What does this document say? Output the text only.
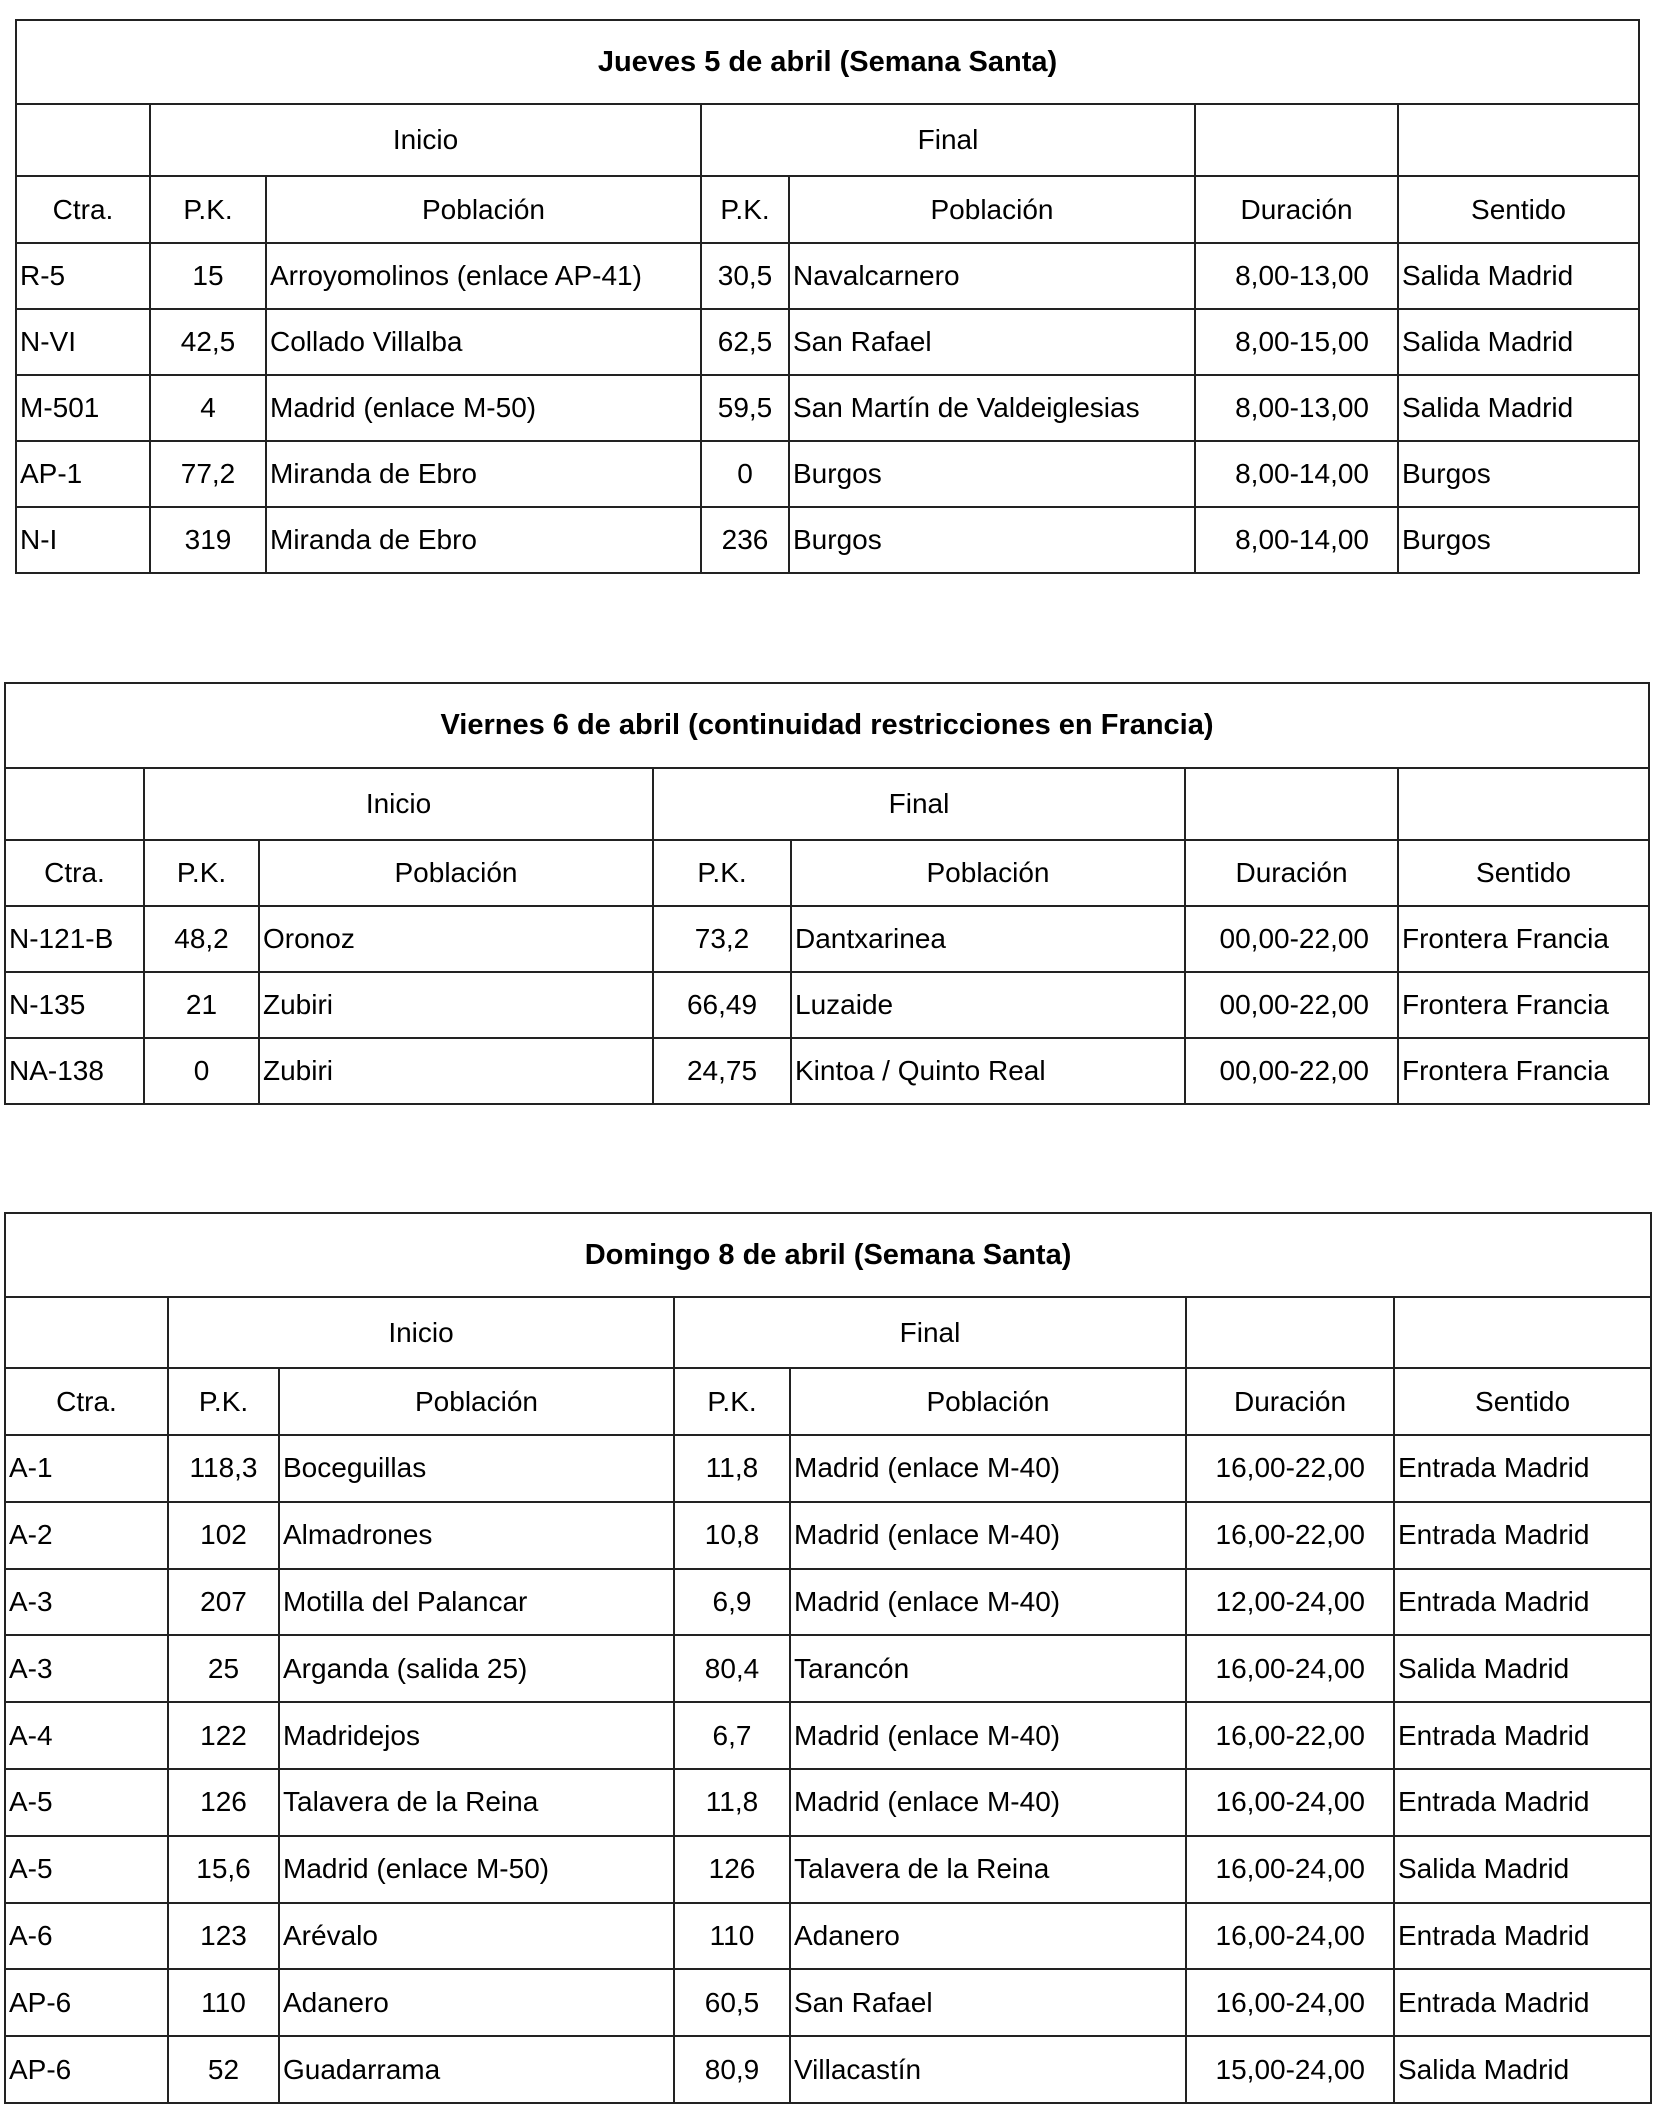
Jueves 5 de abril (Semana Santa)						
	Inicio		Final			
Ctra.	P.K.	Población	P.K.	Población	Duración	Sentido
R-5	15	Arroyomolinos (enlace AP-41)	30,5	Navalcarnero	8,00-13,00	Salida Madrid
N-VI	42,5	Collado Villalba	62,5	San Rafael	8,00-15,00	Salida Madrid
M-501	4	Madrid (enlace M-50)	59,5	San Martín de Valdeiglesias	8,00-13,00	Salida Madrid
AP-1	77,2	Miranda de Ebro	0	Burgos	8,00-14,00	Burgos
N-I	319	Miranda de Ebro	236	Burgos	8,00-14,00	Burgos
Viernes 6 de abril (continuidad restricciones en Francia)						
	Inicio		Final			
Ctra.	P.K.	Población	P.K.	Población	Duración	Sentido
N-121-B	48,2	Oronoz	73,2	Dantxarinea	00,00-22,00	Frontera Francia
N-135	21	Zubiri	66,49	Luzaide	00,00-22,00	Frontera Francia
NA-138	0	Zubiri	24,75	Kintoa / Quinto Real	00,00-22,00	Frontera Francia
Domingo 8 de abril (Semana Santa)						
	Inicio		Final			
Ctra.	P.K.	Población	P.K.	Población	Duración	Sentido
A-1	118,3	Boceguillas	11,8	Madrid (enlace M-40)	16,00-22,00	Entrada Madrid
A-2	102	Almadrones	10,8	Madrid (enlace M-40)	16,00-22,00	Entrada Madrid
A-3	207	Motilla del Palancar	6,9	Madrid (enlace M-40)	12,00-24,00	Entrada Madrid
A-3	25	Arganda (salida 25)	80,4	Tarancón	16,00-24,00	Salida Madrid
A-4	122	Madridejos	6,7	Madrid (enlace M-40)	16,00-22,00	Entrada Madrid
A-5	126	Talavera de la Reina	11,8	Madrid (enlace M-40)	16,00-24,00	Entrada Madrid
A-5	15,6	Madrid (enlace M-50)	126	Talavera de la Reina	16,00-24,00	Salida Madrid
A-6	123	Arévalo	110	Adanero	16,00-24,00	Entrada Madrid
AP-6	110	Adanero	60,5	San Rafael	16,00-24,00	Entrada Madrid
AP-6	52	Guadarrama	80,9	Villacastín	15,00-24,00	Salida Madrid
